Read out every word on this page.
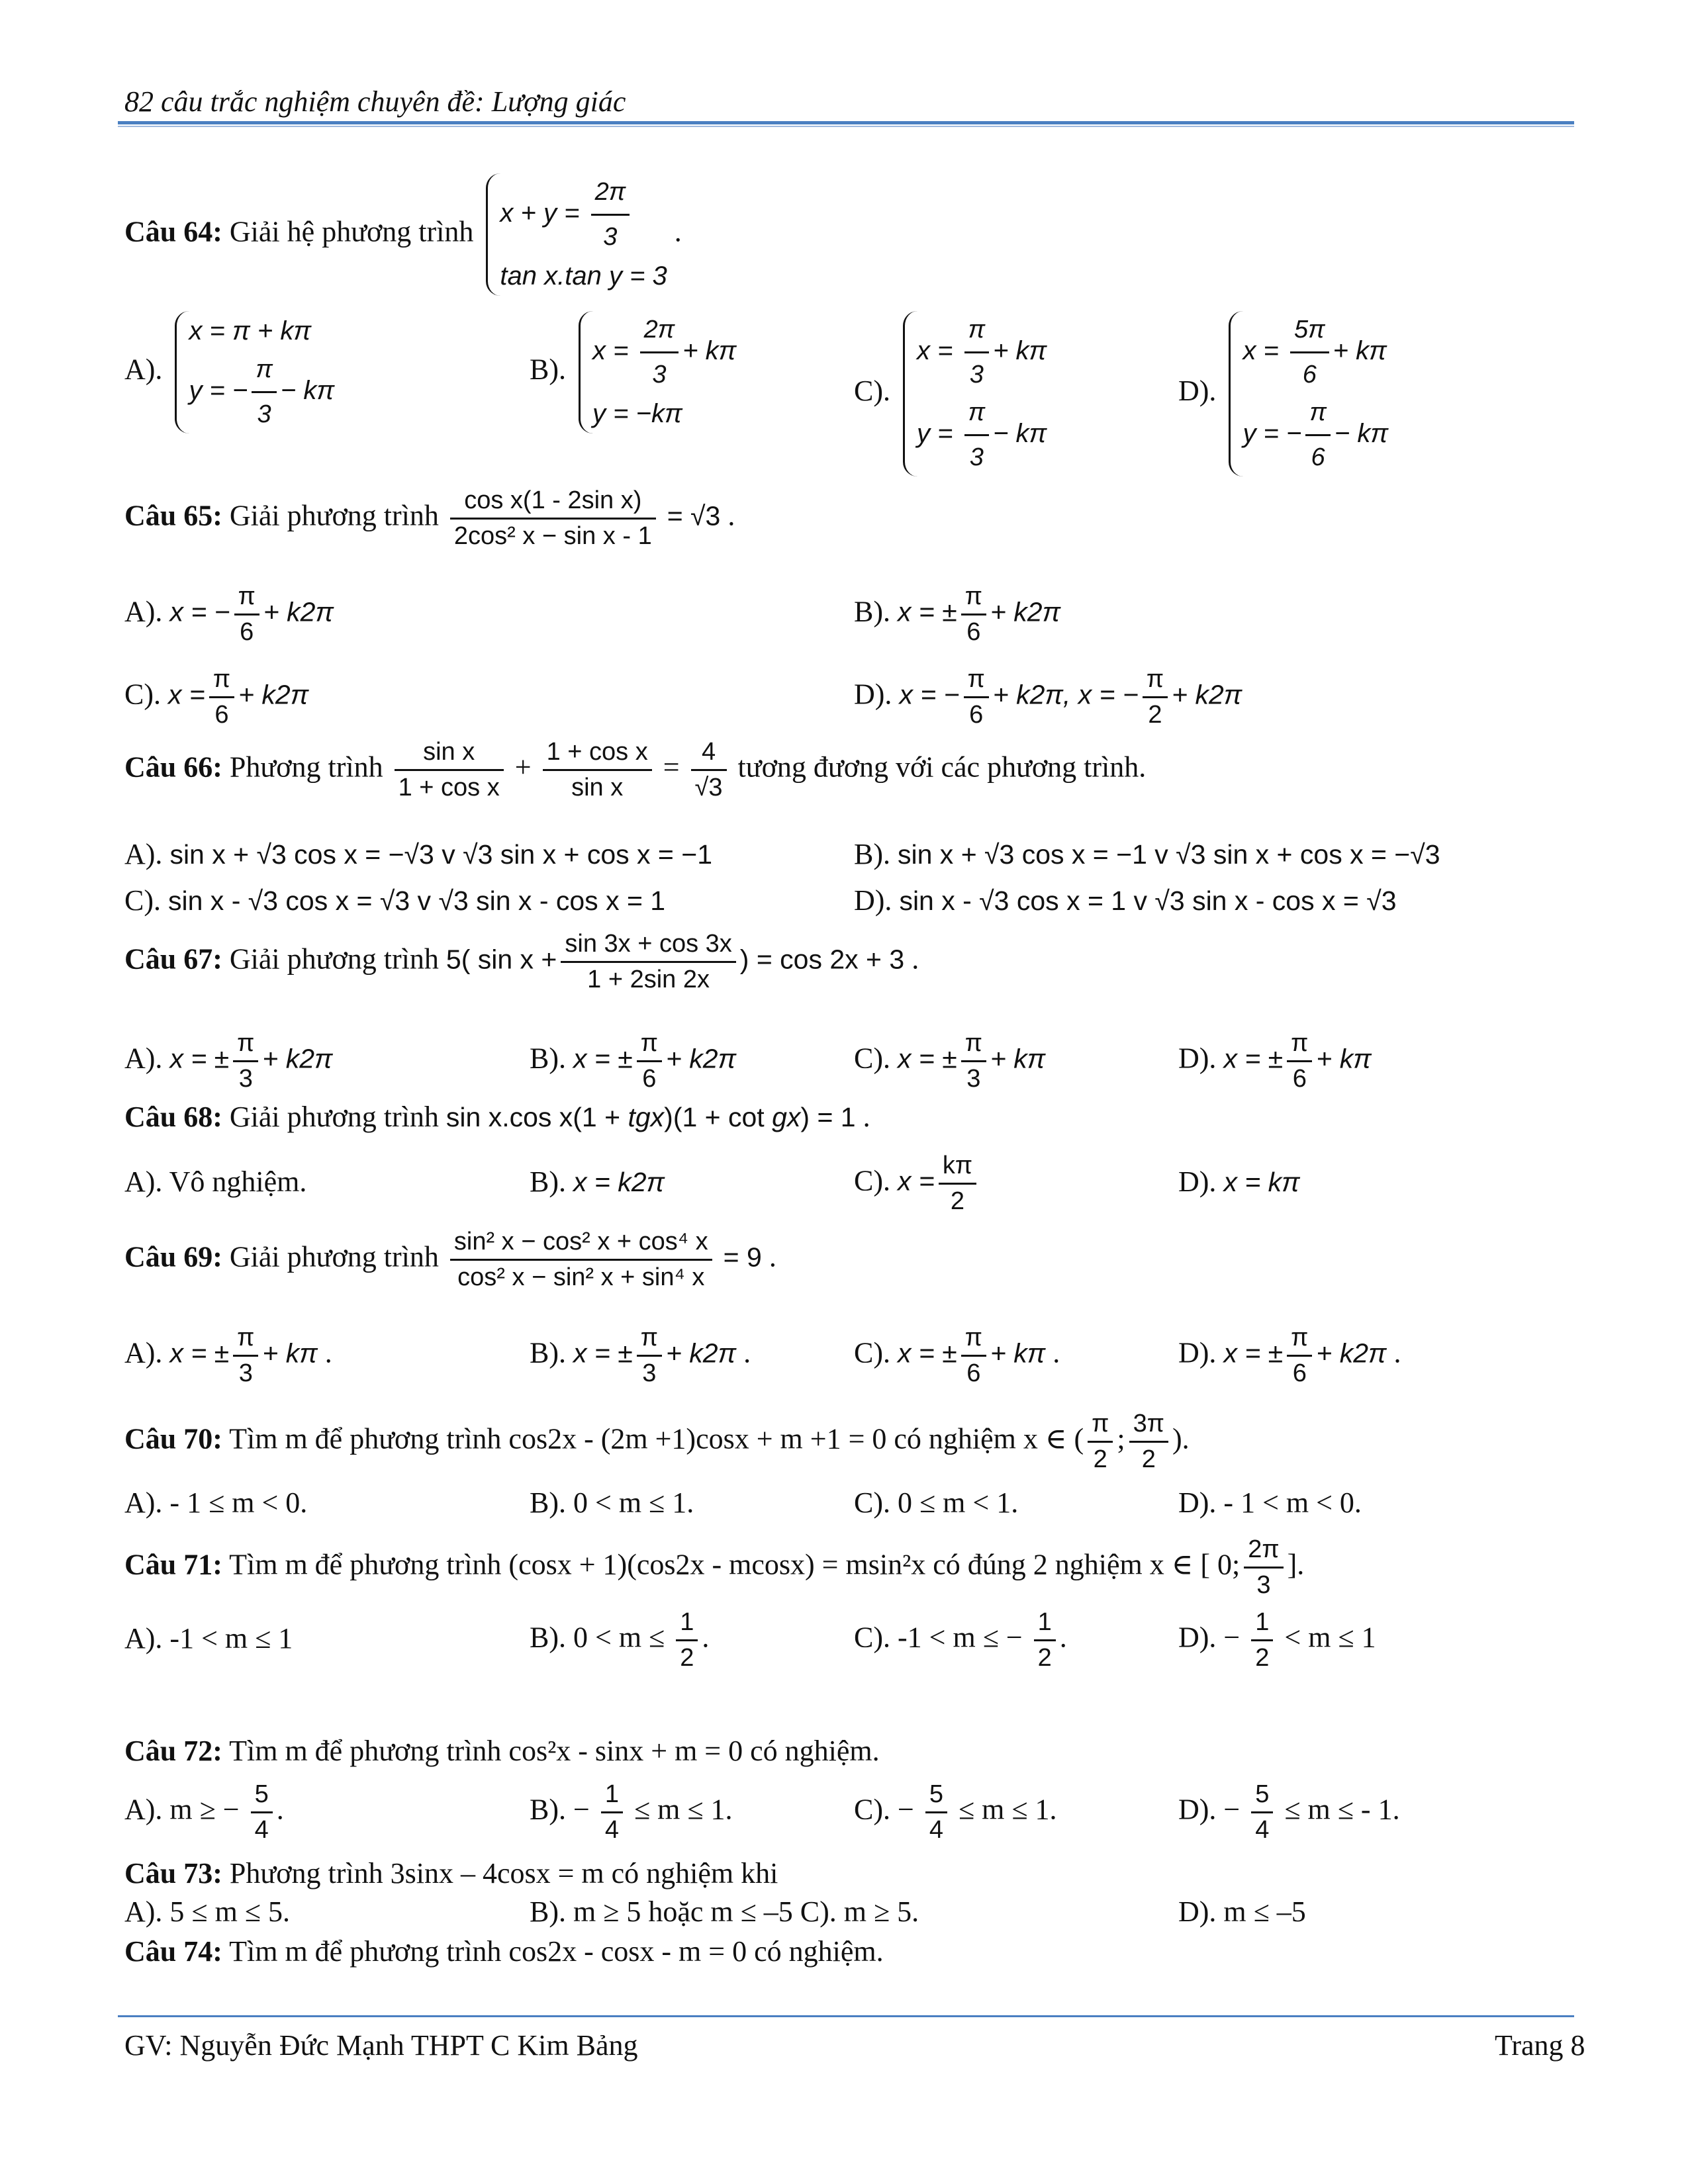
82 câu trắc nghiệm chuyên đề: Lượng giác
Câu 64: Giải hệ phương trình
$x + y = \frac{2\pi}{3}$
tan x.tan y = 3
.
A).
x = π + kπ
y = − $\frac{\pi}{3} - k\pi$
B).
$x = \frac{2\pi}{3} + k\pi$
y = −kπ
C).
$x = \frac{\pi}{3} + k\pi$
$y = \frac{\pi}{3} - k\pi$
D).
$x = \frac{5\pi}{6} + k\pi$
y = − $\frac{\pi}{6} - k\pi$
Câu 65: Giải phương trình $\frac{\text{cos x(1 - 2sin x)}}{\text{2cos² x − sin x - 1}} = √3$ .
A). x = − $\frac{\pi}{6} + k2\pi$	B). x = ± $\frac{\pi}{6} + k2\pi$
C). $x = \frac{\pi}{6} + k2\pi$	D). x = − $\frac{\pi}{6} + k2\pi$, x = − $\frac{\pi}{2} + k2\pi$
Câu 66: Phương trình $\frac{\text{sin x}}{\text{1 + cos x}} + \frac{\text{1 + cos x}}{\text{sin x}} = \frac{4}{√3}$ tương đương với các phương trình.
A). sin x + √3 cos x = −√3 v √3 sin x + cos x = −1	B). sin x + √3 cos x = −1 v √3 sin x + cos x = −√3
C). sin x - √3 cos x = √3 v √3 sin x - cos x = 1	D). sin x - √3 cos x = 1 v √3 sin x - cos x = √3
Câu 67: Giải phương trình 5( $\sin x + \frac{\sin 3x + \cos 3x}{1 + 2\sin 2x}$ ) = cos 2x + 3 .
A). x = ± $\frac{\pi}{3} + k2\pi$	B). x = ± $\frac{\pi}{6} + k2\pi$	C). x = ± $\frac{\pi}{3} + k\pi$	D). x = ± $\frac{\pi}{6} + k\pi$
Câu 68: Giải phương trình sin x.cos x(1 + tgx)(1 + cot gx) = 1 .
A). Vô nghiệm.	B). x = k2π	C). $x = \frac{k\pi}{2}$	D). x = kπ
Câu 69: Giải phương trình $\frac{\text{sin² x − cos² x + cos⁴ x}}{\text{cos² x − sin² x + sin⁴ x}} = 9$ .
A). x = ± $\frac{\pi}{3} + k\pi$ .	B). x = ± $\frac{\pi}{3} + k2\pi$ .	C). x = ± $\frac{\pi}{6} + k\pi$ .	D). x = ± $\frac{\pi}{6} + k2\pi$ .
Câu 70: Tìm m để phương trình cos2x - (2m +1)cosx + m +1 = 0 có nghiệm x ∈ ( $\frac{\pi}{2}$ ; $\frac{3\pi}{2}$ ).
A). - 1 ≤ m < 0.	B). 0 < m ≤ 1.	C). 0 ≤ m < 1.	D). - 1 < m < 0.
Câu 71: Tìm m để phương trình (cosx + 1)(cos2x - mcosx) = msin²x có đúng 2 nghiệm x ∈ [ 0; $\frac{2\pi}{3}$ ].
A). -1 < m ≤ 1	B). $0 < m \le \frac{1}{2}$ .	C). -1 < m ≤ − $\frac{1}{2}$ .	D). − $\frac{1}{2} < m \le 1$
Câu 72: Tìm m để phương trình cos²x - sinx + m = 0 có nghiệm.
A). m ≥ − $\frac{5}{4}$ .	B). − $\frac{1}{4} \le m \le 1$.	C). − $\frac{5}{4} \le m \le 1$.	D). − $\frac{5}{4} \le m$ ≤ - 1.
Câu 73: Phương trình 3sinx – 4cosx = m có nghiệm khi
A). 5 ≤ m ≤ 5.	B). m ≥ 5 hoặc m ≤ –5 C). m ≥ 5.	D). m ≤ –5
Câu 74: Tìm m để phương trình cos2x - cosx - m = 0 có nghiệm.
GV: Nguyễn Đức Mạnh THPT C Kim Bảng	Trang 8
